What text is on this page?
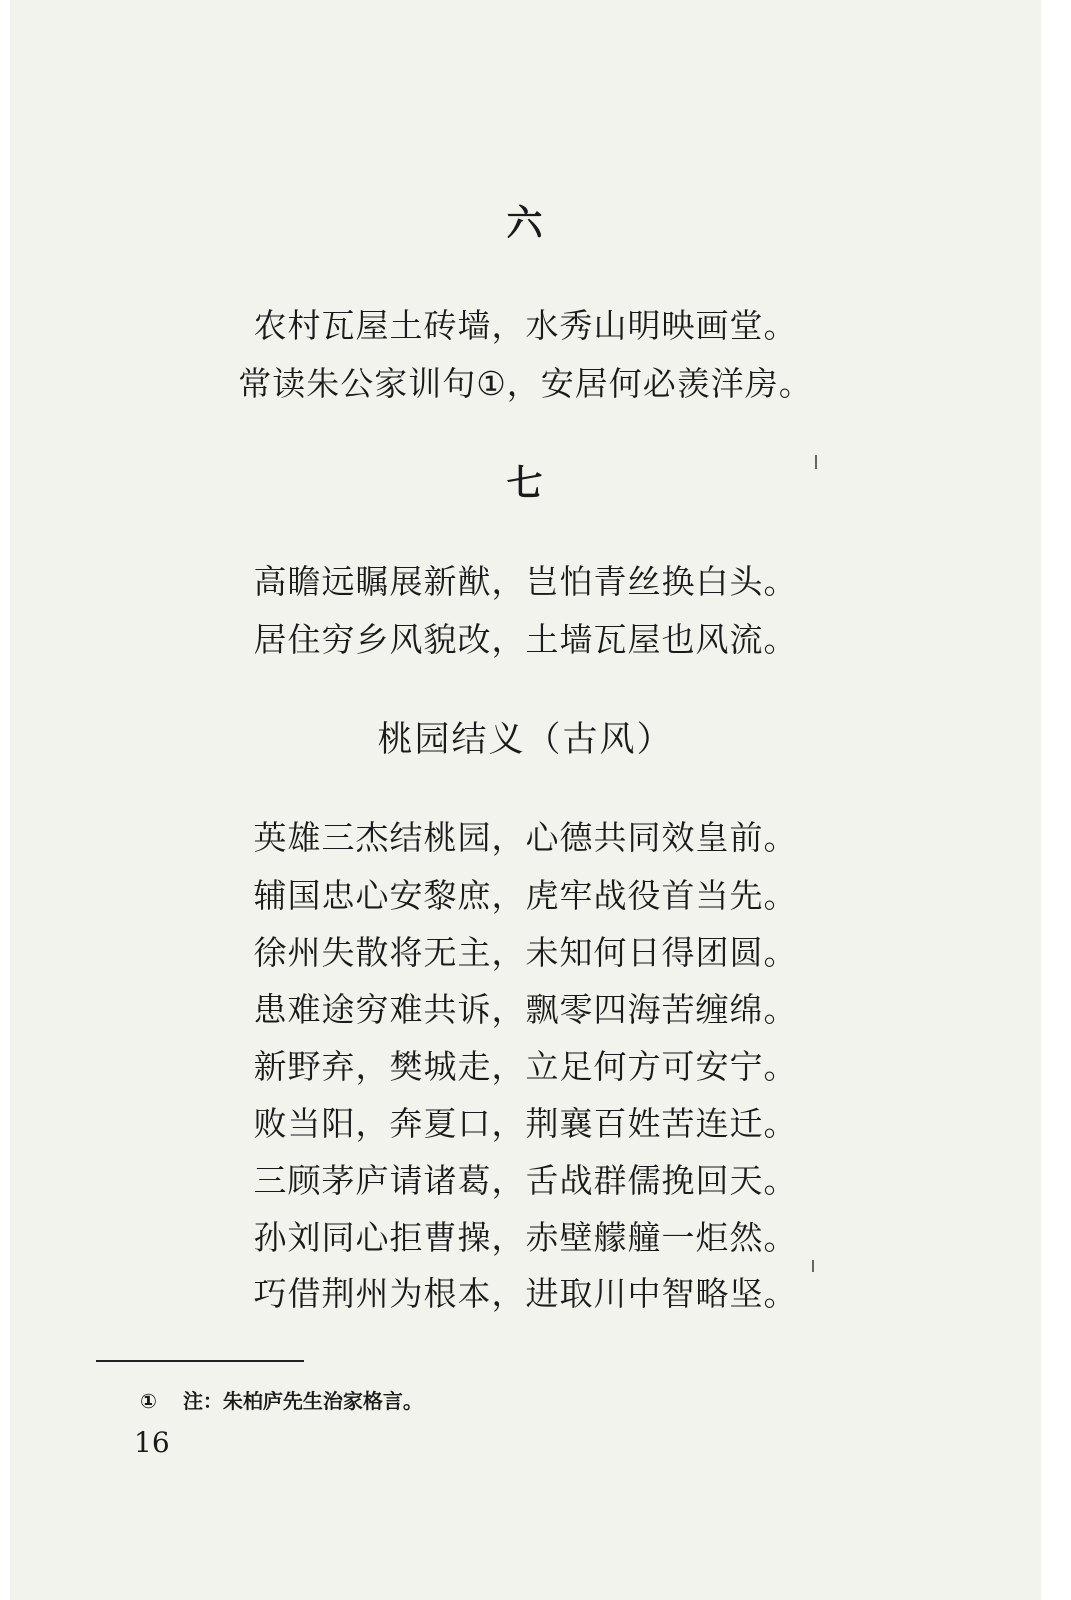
六
农村瓦屋土砖墙，水秀山明映画堂。
常读朱公家训句①，安居何必羡洋房。
七
高瞻远瞩展新猷，岂怕青丝换白头。
居住穷乡风貌改，土墙瓦屋也风流。
桃园结义（古风）
英雄三杰结桃园，心德共同效皇前。
辅国忠心安黎庶，虎牢战役首当先。
徐州失散将无主，未知何日得团圆。
患难途穷难共诉，飘零四海苦缠绵。
新野弃，樊城走，立足何方可安宁。
败当阳，奔夏口，荆襄百姓苦连迁。
三顾茅庐请诸葛，舌战群儒挽回天。
孙刘同心拒曹操，赤壁艨艟一炬然。
巧借荆州为根本，进取川中智略坚。
① 注：朱柏庐先生治家格言。
16
